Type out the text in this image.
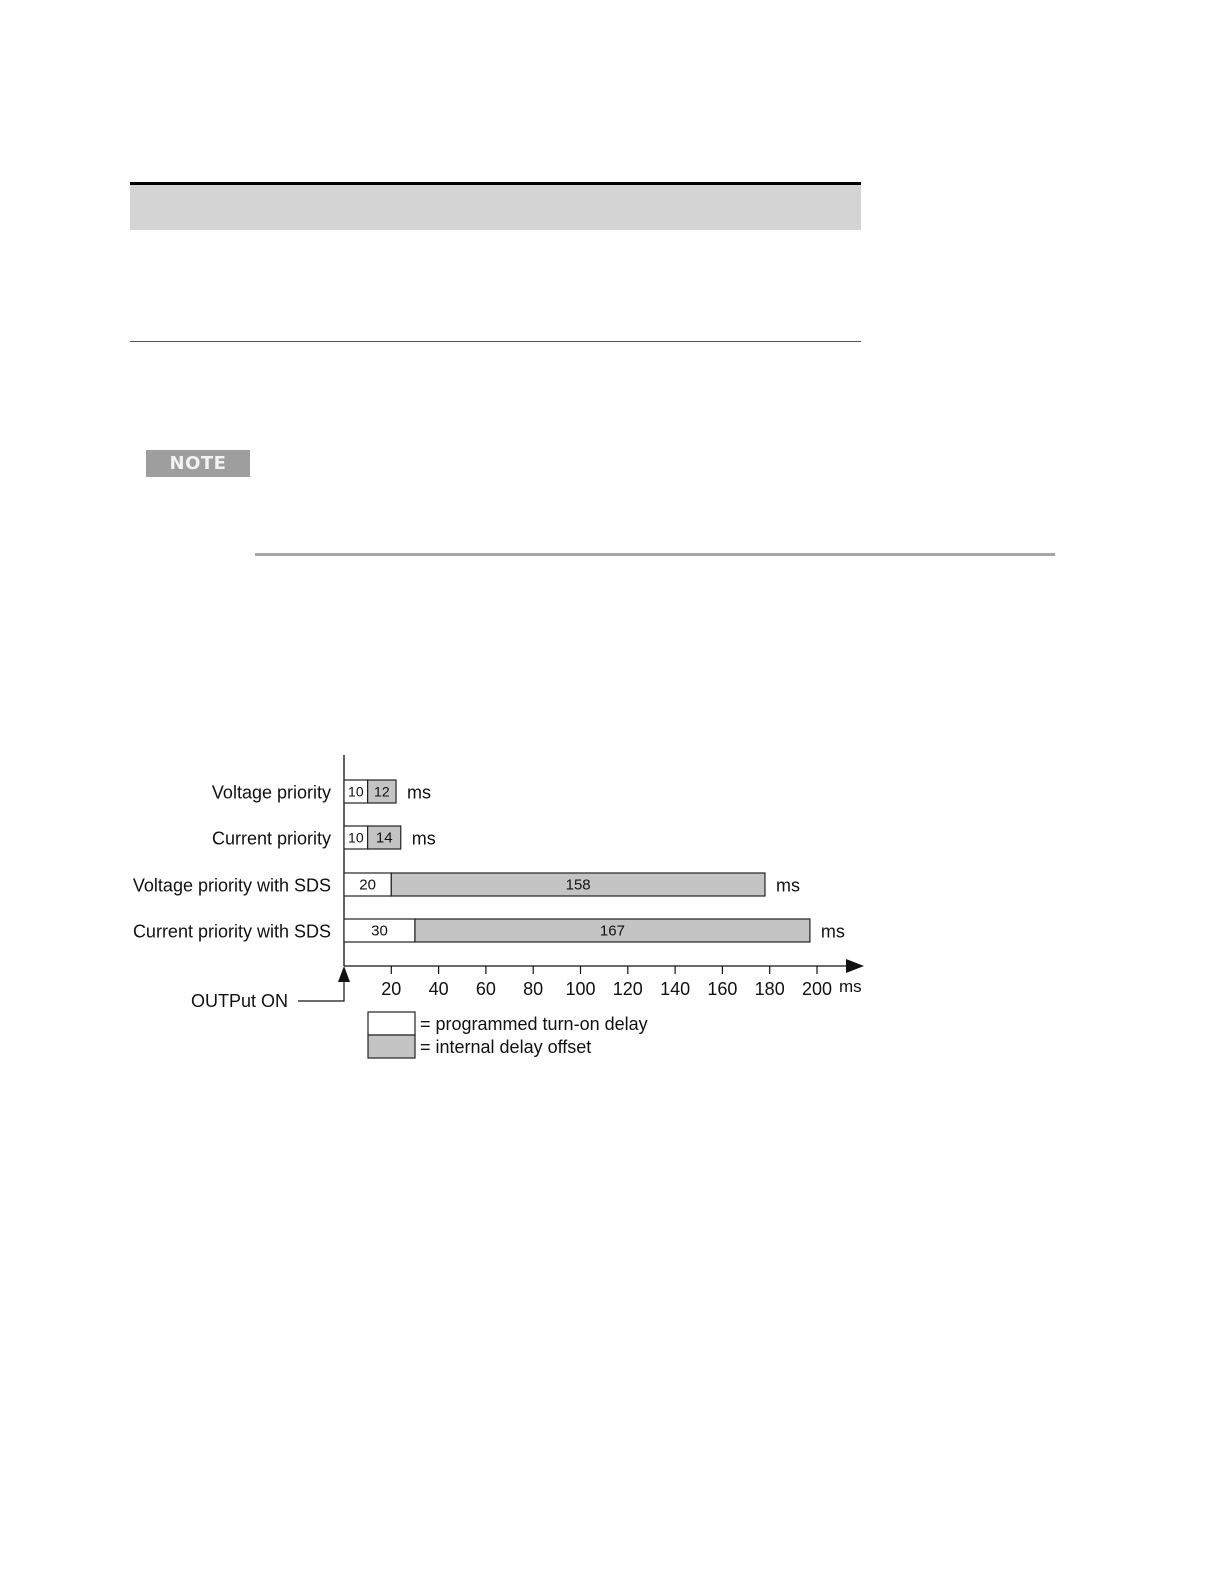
NOTE
Voltage priority 10 12 ms
Current priority 10 14 ms
Voltage priority with SDS 20	158	ms
Current priority with SDS	30	167	ms
20 40 60 80 100 120 140 160 180 200 ms
OUTPut ON
= programmed turn-on delay
= internal delay offset
